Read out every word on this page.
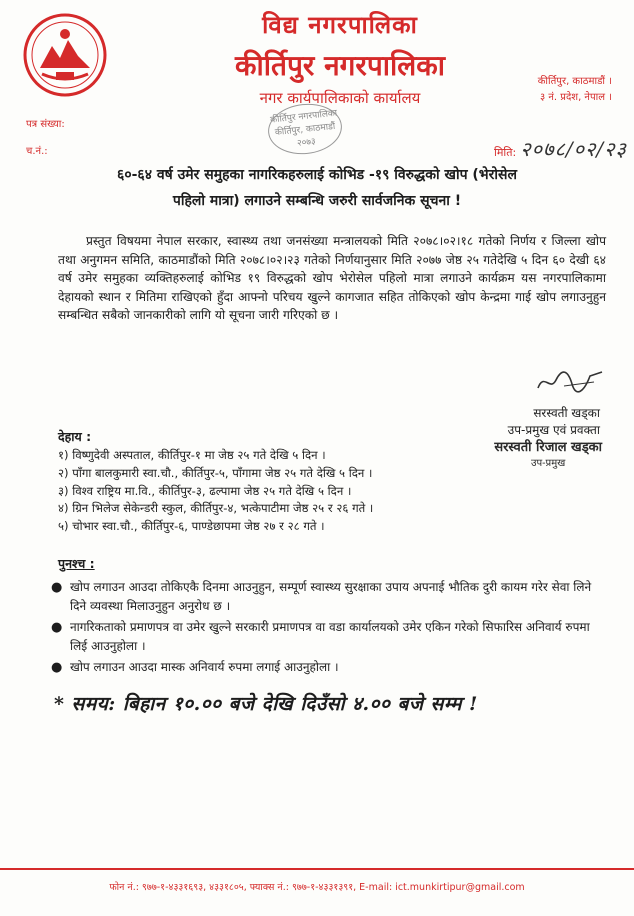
विद्य नगरपालिका
कीर्तिपुर नगरपालिका
नगर कार्यपालिकाको कार्यालय
कीर्तिपुर, काठमाडौं ।
३ नं. प्रदेश, नेपाल ।
पत्र संख्या:
च.नं.:
कीर्तिपुर नगरपालिका
कीर्तिपुर, काठमाडौं
२०७३
मिति: २०७८/०२/२३
६०-६४ वर्ष उमेर समुहका नागरिकहरुलाई कोभिड -१९ विरुद्धको खोप (भेरोसेल
पहिलो मात्रा) लगाउने सम्बन्धि जरुरी सार्वजनिक सूचना !
प्रस्तुत विषयमा नेपाल सरकार, स्वास्थ्य तथा जनसंख्या मन्त्रालयको मिति २०७८।०२।१८ गतेको निर्णय र जिल्ला खोप तथा अनुगमन समिति, काठमाडौंको मिति २०७८।०२।२३ गतेको निर्णयानुसार मिति २०७७ जेष्ठ २५ गतेदेखि ५ दिन ६० देखी ६४ वर्ष उमेर समुहका व्यक्तिहरुलाई कोभिड १९ विरुद्धको खोप भेरोसेल पहिलो मात्रा लगाउने कार्यक्रम यस नगरपालिकामा देहायको स्थान र मितिमा राखिएको हुँदा आफ्नो परिचय खुल्ने कागजात सहित तोकिएको खोप केन्द्रमा गाई खोप लगाउनुहुन सम्बन्धित सबैको जानकारीको लागि यो सूचना जारी गरिएको छ ।
सरस्वती खड्का
उप-प्रमुख एवं प्रवक्ता
सरस्वती रिजाल खड्का
उप-प्रमुख
देहाय :
१) विष्णुदेवी अस्पताल, कीर्तिपुर-१ मा जेष्ठ २५ गते देखि ५ दिन ।
२) पाँगा बालकुमारी स्वा.चौ., कीर्तिपुर-५, पाँगामा जेष्ठ २५ गते देखि ५ दिन ।
३) विश्व राष्ट्रिय मा.वि., कीर्तिपुर-३, ढल्पामा जेष्ठ २५ गते देखि ५ दिन ।
४) ग्रिन भिलेज सेकेन्डरी स्कुल, कीर्तिपुर-४, भत्केपाटीमा जेष्ठ २५ र २६ गते ।
५) चोभार स्वा.चौ., कीर्तिपुर-६, पाण्डेछापमा जेष्ठ २७ र २८ गते ।
पुनश्च :
● खोप लगाउन आउदा तोकिएकै दिनमा आउनुहुन, सम्पूर्ण स्वास्थ्य सुरक्षाका उपाय अपनाई भौतिक दुरी कायम गरेर सेवा लिने दिने व्यवस्था मिलाउनुहुन अनुरोध छ ।
● नागरिकताको प्रमाणपत्र वा उमेर खुल्ने सरकारी प्रमाणपत्र वा वडा कार्यालयको उमेर एकिन गरेको सिफारिस अनिवार्य रुपमा लिई आउनुहोला ।
● खोप लगाउन आउदा मास्क अनिवार्य रुपमा लगाई आउनुहोला ।
* समय: बिहान १०.०० बजे देखि दिउँसो ४.०० बजे सम्म !
फोन नं.: ९७७-१-४३३१६९३, ४३३१८०५, फ्याक्स नं.: ९७७-१-४३३१३९१, E-mail: ict.munkirtipur@gmail.com
